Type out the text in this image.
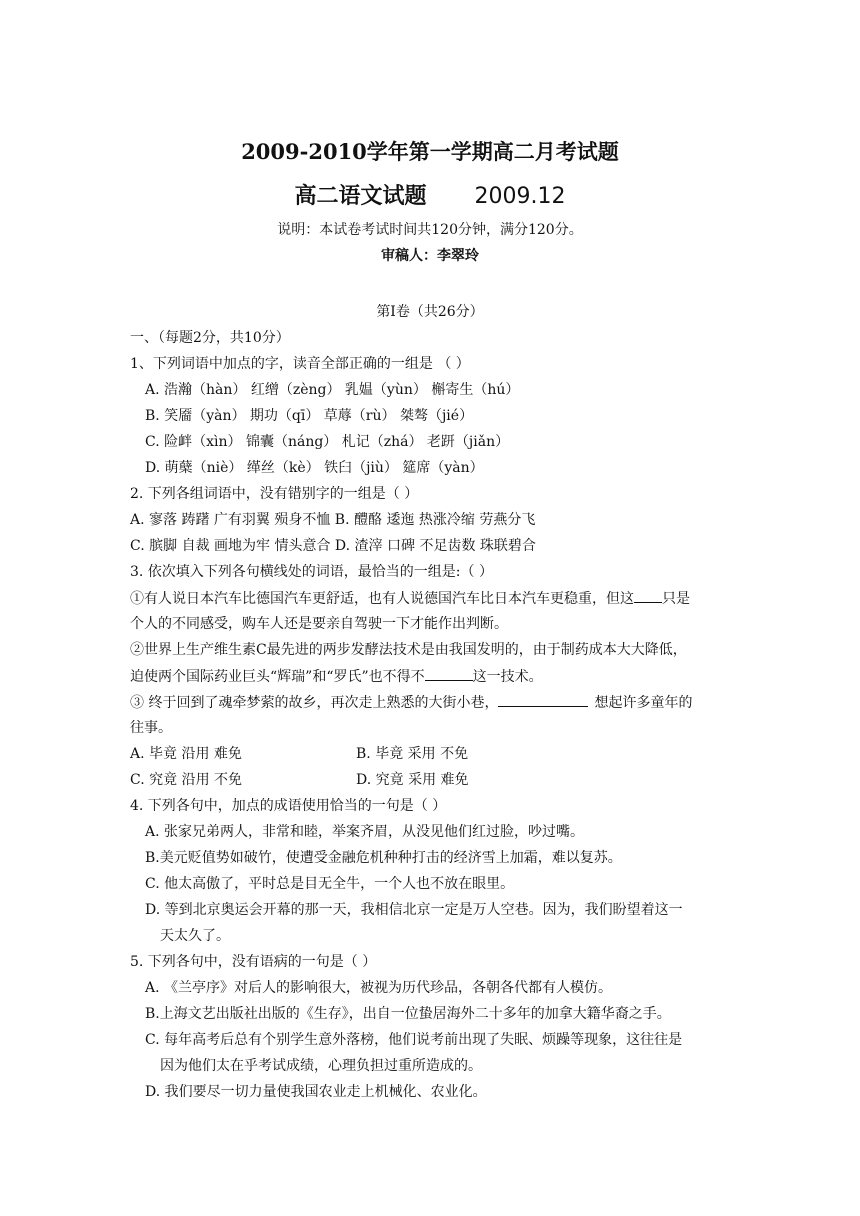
2009-2010学年第一学期高二月考试题
高二语文试题 2009.12
说明：本试卷考试时间共120分钟，满分120分。
审稿人：李翠玲
第Ⅰ卷（共26分）
一、（每题2分，共10分）
1、下列词语中加点的字，读音全部正确的一组是 （ ）
A. 浩瀚（hàn） 红缯（zèng） 乳媪（yùn） 槲寄生（hú）
B. 笑靥（yàn） 期功（qī） 草蓐（rù） 桀骜（jié）
C. 险衅（xìn） 锦囊（náng） 札记（zhá） 老趼（jiǎn）
D. 萌蘖（niè） 缂丝（kè） 铁臼（jiù） 筵席（yàn）
2. 下列各组词语中，没有错别字的一组是（ ）
A. 寥落 踌躇 广有羽翼 殒身不恤 B. 醴酪 逶迤 热涨冷缩 劳燕分飞
C. 膑脚 自裁 画地为牢 情头意合 D. 渣滓 口碑 不足齿数 珠联碧合
3. 依次填入下列各句横线处的词语，最恰当的一组是:（ ）
①有人说日本汽车比德国汽车更舒适，也有人说德国汽车比日本汽车更稳重，但这 只是
个人的不同感受，购车人还是要亲自驾驶一下才能作出判断。
②世界上生产维生素C最先进的两步发酵法技术是由我国发明的，由于制药成本大大降低，
迫使两个国际药业巨头“辉瑞”和“罗氏”也不得不	这一技术。
③ 终于回到了魂牵梦萦的故乡，再次走上熟悉的大街小巷，	想起许多童年的
往事。
A. 毕竟 沿用 难免	B. 毕竟 采用 不免
C. 究竟 沿用 不免	D. 究竟 采用 难免
4. 下列各句中，加点的成语使用恰当的一句是（ ）
A. 张家兄弟两人，非常和睦，举案齐眉，从没见他们红过脸，吵过嘴。
B.美元贬值势如破竹，使遭受金融危机种种打击的经济雪上加霜，难以复苏。
C. 他太高傲了，平时总是目无全牛，一个人也不放在眼里。
D. 等到北京奥运会开幕的那一天，我相信北京一定是万人空巷。因为，我们盼望着这一
天太久了。
5. 下列各句中，没有语病的一句是（ ）
A. 《兰亭序》对后人的影响很大，被视为历代珍品，各朝各代都有人模仿。
B.上海文艺出版社出版的《生存》，出自一位蛰居海外二十多年的加拿大籍华裔之手。
C. 每年高考后总有个别学生意外落榜，他们说考前出现了失眠、烦躁等现象，这往往是
因为他们太在乎考试成绩，心理负担过重所造成的。
D. 我们要尽一切力量使我国农业走上机械化、农业化。
